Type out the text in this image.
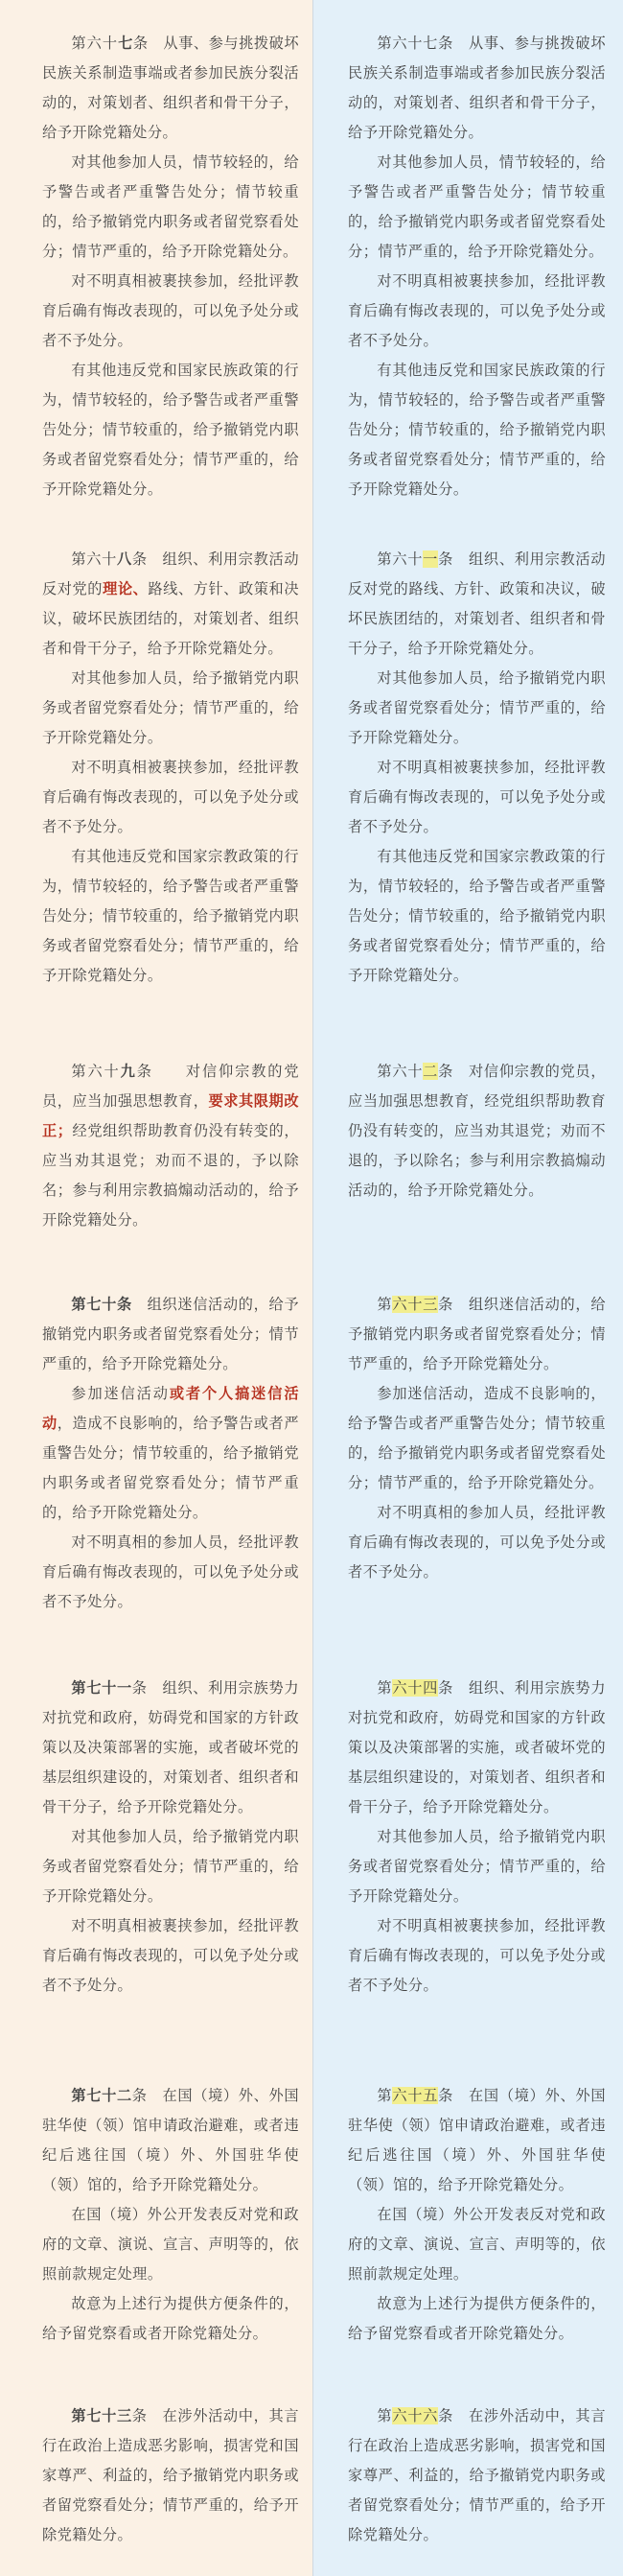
第六十七条　从事、参与挑拨破坏民族关系制造事端或者参加民族分裂活动的，对策划者、组织者和骨干分子，给予开除党籍处分。

对其他参加人员，情节较轻的，给予警告或者严重警告处分；情节较重的，给予撤销党内职务或者留党察看处分；情节严重的，给予开除党籍处分。

对不明真相被裹挟参加，经批评教育后确有悔改表现的，可以免予处分或者不予处分。

有其他违反党和国家民族政策的行为，情节较轻的，给予警告或者严重警告处分；情节较重的，给予撤销党内职务或者留党察看处分；情节严重的，给予开除党籍处分。

第六十八条　组织、利用宗教活动反对党的理论、路线、方针、政策和决议，破坏民族团结的，对策划者、组织者和骨干分子，给予开除党籍处分。

对其他参加人员，给予撤销党内职务或者留党察看处分；情节严重的，给予开除党籍处分。

对不明真相被裹挟参加，经批评教育后确有悔改表现的，可以免予处分或者不予处分。

有其他违反党和国家宗教政策的行为，情节较轻的，给予警告或者严重警告处分；情节较重的，给予撤销党内职务或者留党察看处分；情节严重的，给予开除党籍处分。

第六十九条　　对信仰宗教的党员，应当加强思想教育，要求其限期改正；经党组织帮助教育仍没有转变的，应当劝其退党；劝而不退的，予以除名；参与利用宗教搞煽动活动的，给予开除党籍处分。

第七十条　组织迷信活动的，给予撤销党内职务或者留党察看处分；情节严重的，给予开除党籍处分。

参加迷信活动或者个人搞迷信活动，造成不良影响的，给予警告或者严重警告处分；情节较重的，给予撤销党内职务或者留党察看处分；情节严重的，给予开除党籍处分。

对不明真相的参加人员，经批评教育后确有悔改表现的，可以免予处分或者不予处分。

第七十一条　组织、利用宗族势力对抗党和政府，妨碍党和国家的方针政策以及决策部署的实施，或者破坏党的基层组织建设的，对策划者、组织者和骨干分子，给予开除党籍处分。

对其他参加人员，给予撤销党内职务或者留党察看处分；情节严重的，给予开除党籍处分。

对不明真相被裹挟参加，经批评教育后确有悔改表现的，可以免予处分或者不予处分。

第七十二条　在国（境）外、外国驻华使（领）馆申请政治避难，或者违纪后逃往国（境）外、外国驻华使（领）馆的，给予开除党籍处分。

在国（境）外公开发表反对党和政府的文章、演说、宣言、声明等的，依照前款规定处理。

故意为上述行为提供方便条件的，给予留党察看或者开除党籍处分。

第七十三条　在涉外活动中，其言行在政治上造成恶劣影响，损害党和国家尊严、利益的，给予撤销党内职务或者留党察看处分；情节严重的，给予开除党籍处分。

第六十七条　从事、参与挑拨破坏民族关系制造事端或者参加民族分裂活动的，对策划者、组织者和骨干分子，给予开除党籍处分。

对其他参加人员，情节较轻的，给予警告或者严重警告处分；情节较重的，给予撤销党内职务或者留党察看处分；情节严重的，给予开除党籍处分。

对不明真相被裹挟参加，经批评教育后确有悔改表现的，可以免予处分或者不予处分。

有其他违反党和国家民族政策的行为，情节较轻的，给予警告或者严重警告处分；情节较重的，给予撤销党内职务或者留党察看处分；情节严重的，给予开除党籍处分。

第六十一条　组织、利用宗教活动反对党的路线、方针、政策和决议，破坏民族团结的，对策划者、组织者和骨干分子，给予开除党籍处分。

对其他参加人员，给予撤销党内职务或者留党察看处分；情节严重的，给予开除党籍处分。

对不明真相被裹挟参加，经批评教育后确有悔改表现的，可以免予处分或者不予处分。

有其他违反党和国家宗教政策的行为，情节较轻的，给予警告或者严重警告处分；情节较重的，给予撤销党内职务或者留党察看处分；情节严重的，给予开除党籍处分。

第六十二条　对信仰宗教的党员，应当加强思想教育，经党组织帮助教育仍没有转变的，应当劝其退党；劝而不退的，予以除名；参与利用宗教搞煽动活动的，给予开除党籍处分。

第六十三条　组织迷信活动的，给予撤销党内职务或者留党察看处分；情节严重的，给予开除党籍处分。

参加迷信活动，造成不良影响的，给予警告或者严重警告处分；情节较重的，给予撤销党内职务或者留党察看处分；情节严重的，给予开除党籍处分。

对不明真相的参加人员，经批评教育后确有悔改表现的，可以免予处分或者不予处分。

第六十四条　组织、利用宗族势力对抗党和政府，妨碍党和国家的方针政策以及决策部署的实施，或者破坏党的基层组织建设的，对策划者、组织者和骨干分子，给予开除党籍处分。

对其他参加人员，给予撤销党内职务或者留党察看处分；情节严重的，给予开除党籍处分。

对不明真相被裹挟参加，经批评教育后确有悔改表现的，可以免予处分或者不予处分。

第六十五条　在国（境）外、外国驻华使（领）馆申请政治避难，或者违纪后逃往国（境）外、外国驻华使（领）馆的，给予开除党籍处分。

在国（境）外公开发表反对党和政府的文章、演说、宣言、声明等的，依照前款规定处理。

故意为上述行为提供方便条件的，给予留党察看或者开除党籍处分。

第六十六条　在涉外活动中，其言行在政治上造成恶劣影响，损害党和国家尊严、利益的，给予撤销党内职务或者留党察看处分；情节严重的，给予开除党籍处分。
